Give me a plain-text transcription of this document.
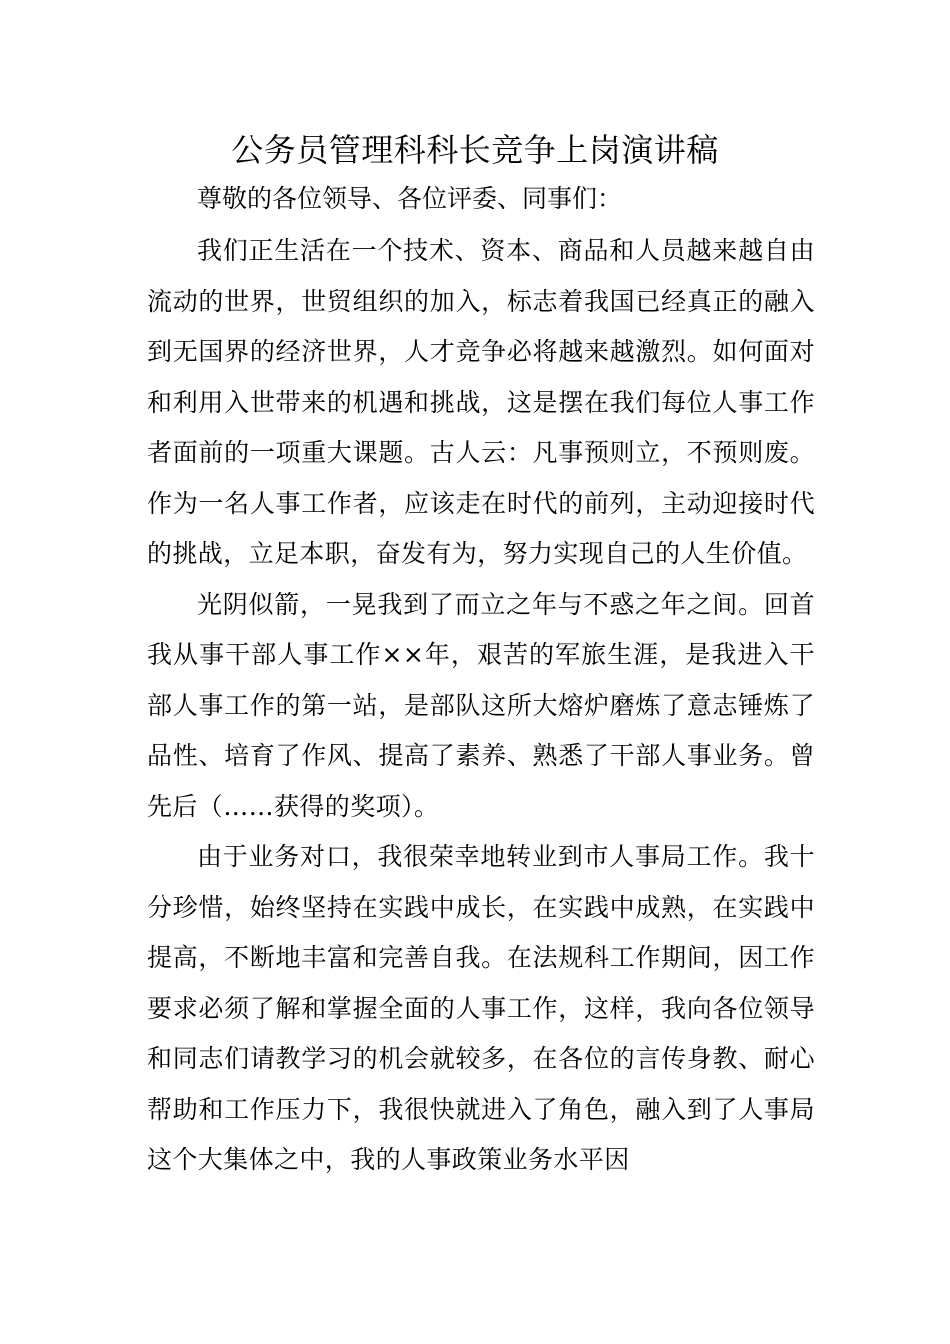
公务员管理科科长竞争上岗演讲稿

尊敬的各位领导、各位评委、同事们：

我们正生活在一个技术、资本、商品和人员越来越自由流动的世界，世贸组织的加入，标志着我国已经真正的融入到无国界的经济世界，人才竞争必将越来越激烈。如何面对和利用入世带来的机遇和挑战，这是摆在我们每位人事工作者面前的一项重大课题。古人云：凡事预则立，不预则废。作为一名人事工作者，应该走在时代的前列，主动迎接时代的挑战，立足本职，奋发有为，努力实现自己的人生价值。

光阴似箭，一晃我到了而立之年与不惑之年之间。回首我从事干部人事工作××年，艰苦的军旅生涯，是我进入干部人事工作的第一站，是部队这所大熔炉磨炼了意志锤炼了品性、培育了作风、提高了素养、熟悉了干部人事业务。曾先后（……获得的奖项）。

由于业务对口，我很荣幸地转业到市人事局工作。我十分珍惜，始终坚持在实践中成长，在实践中成熟，在实践中提高，不断地丰富和完善自我。在法规科工作期间，因工作要求必须了解和掌握全面的人事工作，这样，我向各位领导和同志们请教学习的机会就较多，在各位的言传身教、耐心帮助和工作压力下，我很快就进入了角色，融入到了人事局这个大集体之中，我的人事政策业务水平因
